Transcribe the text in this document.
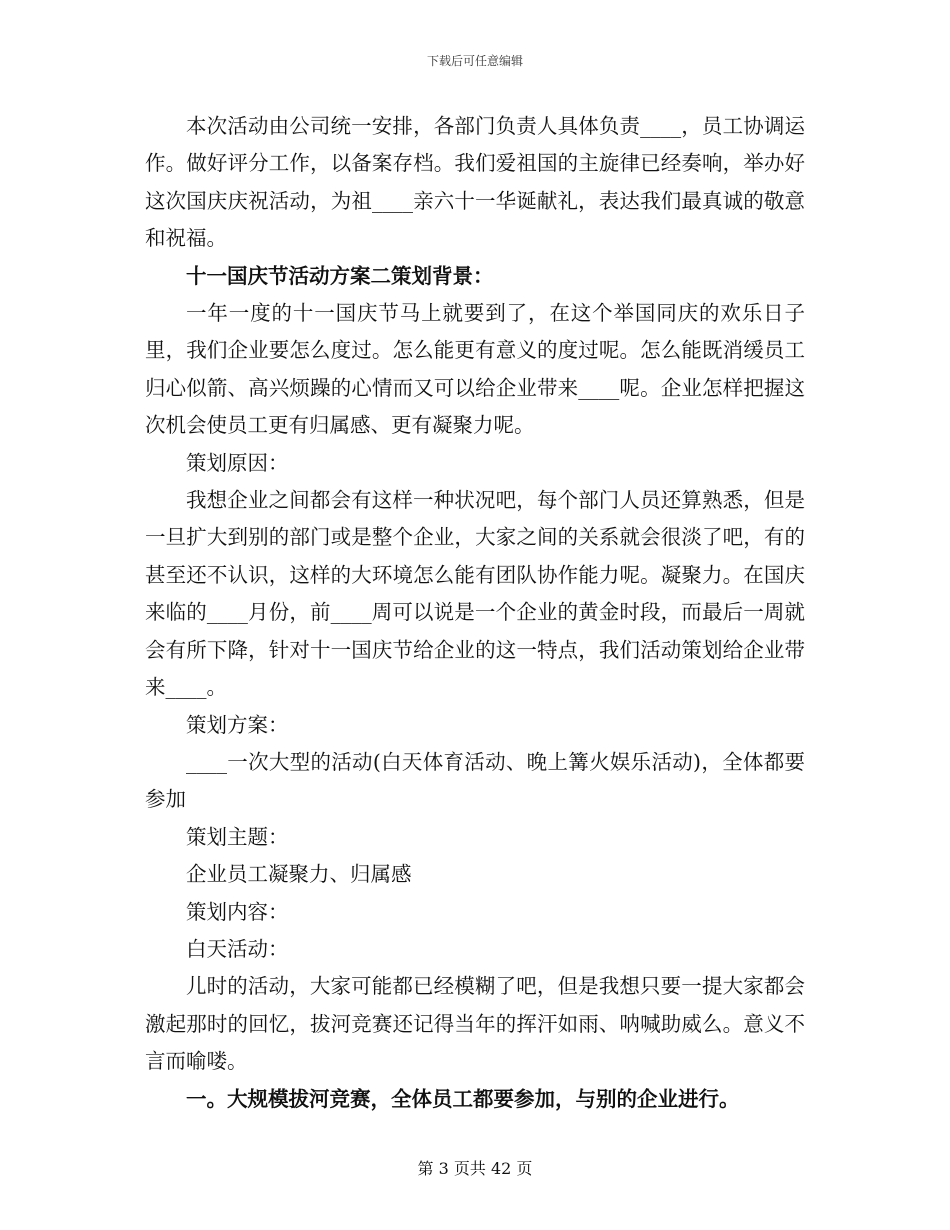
下载后可任意编辑

本次活动由公司统一安排，各部门负责人具体负责____，员工协调运作。做好评分工作，以备案存档。我们爱祖国的主旋律已经奏响，举办好这次国庆庆祝活动，为祖____亲六十一华诞献礼，表达我们最真诚的敬意和祝福。

十一国庆节活动方案二策划背景：

一年一度的十一国庆节马上就要到了，在这个举国同庆的欢乐日子里，我们企业要怎么度过。怎么能更有意义的度过呢。怎么能既消缓员工归心似箭、高兴烦躁的心情而又可以给企业带来____呢。企业怎样把握这次机会使员工更有归属感、更有凝聚力呢。

策划原因：

我想企业之间都会有这样一种状况吧，每个部门人员还算熟悉，但是一旦扩大到别的部门或是整个企业，大家之间的关系就会很淡了吧，有的甚至还不认识，这样的大环境怎么能有团队协作能力呢。凝聚力。在国庆来临的____月份，前____周可以说是一个企业的黄金时段，而最后一周就会有所下降，针对十一国庆节给企业的这一特点，我们活动策划给企业带来____。

策划方案：

____一次大型的活动(白天体育活动、晚上篝火娱乐活动)，全体都要参加

策划主题：

企业员工凝聚力、归属感

策划内容：

白天活动：

儿时的活动，大家可能都已经模糊了吧，但是我想只要一提大家都会激起那时的回忆，拔河竞赛还记得当年的挥汗如雨、呐喊助威么。意义不言而喻喽。

一。大规模拔河竞赛，全体员工都要参加，与别的企业进行。

第 3 页共 42 页
